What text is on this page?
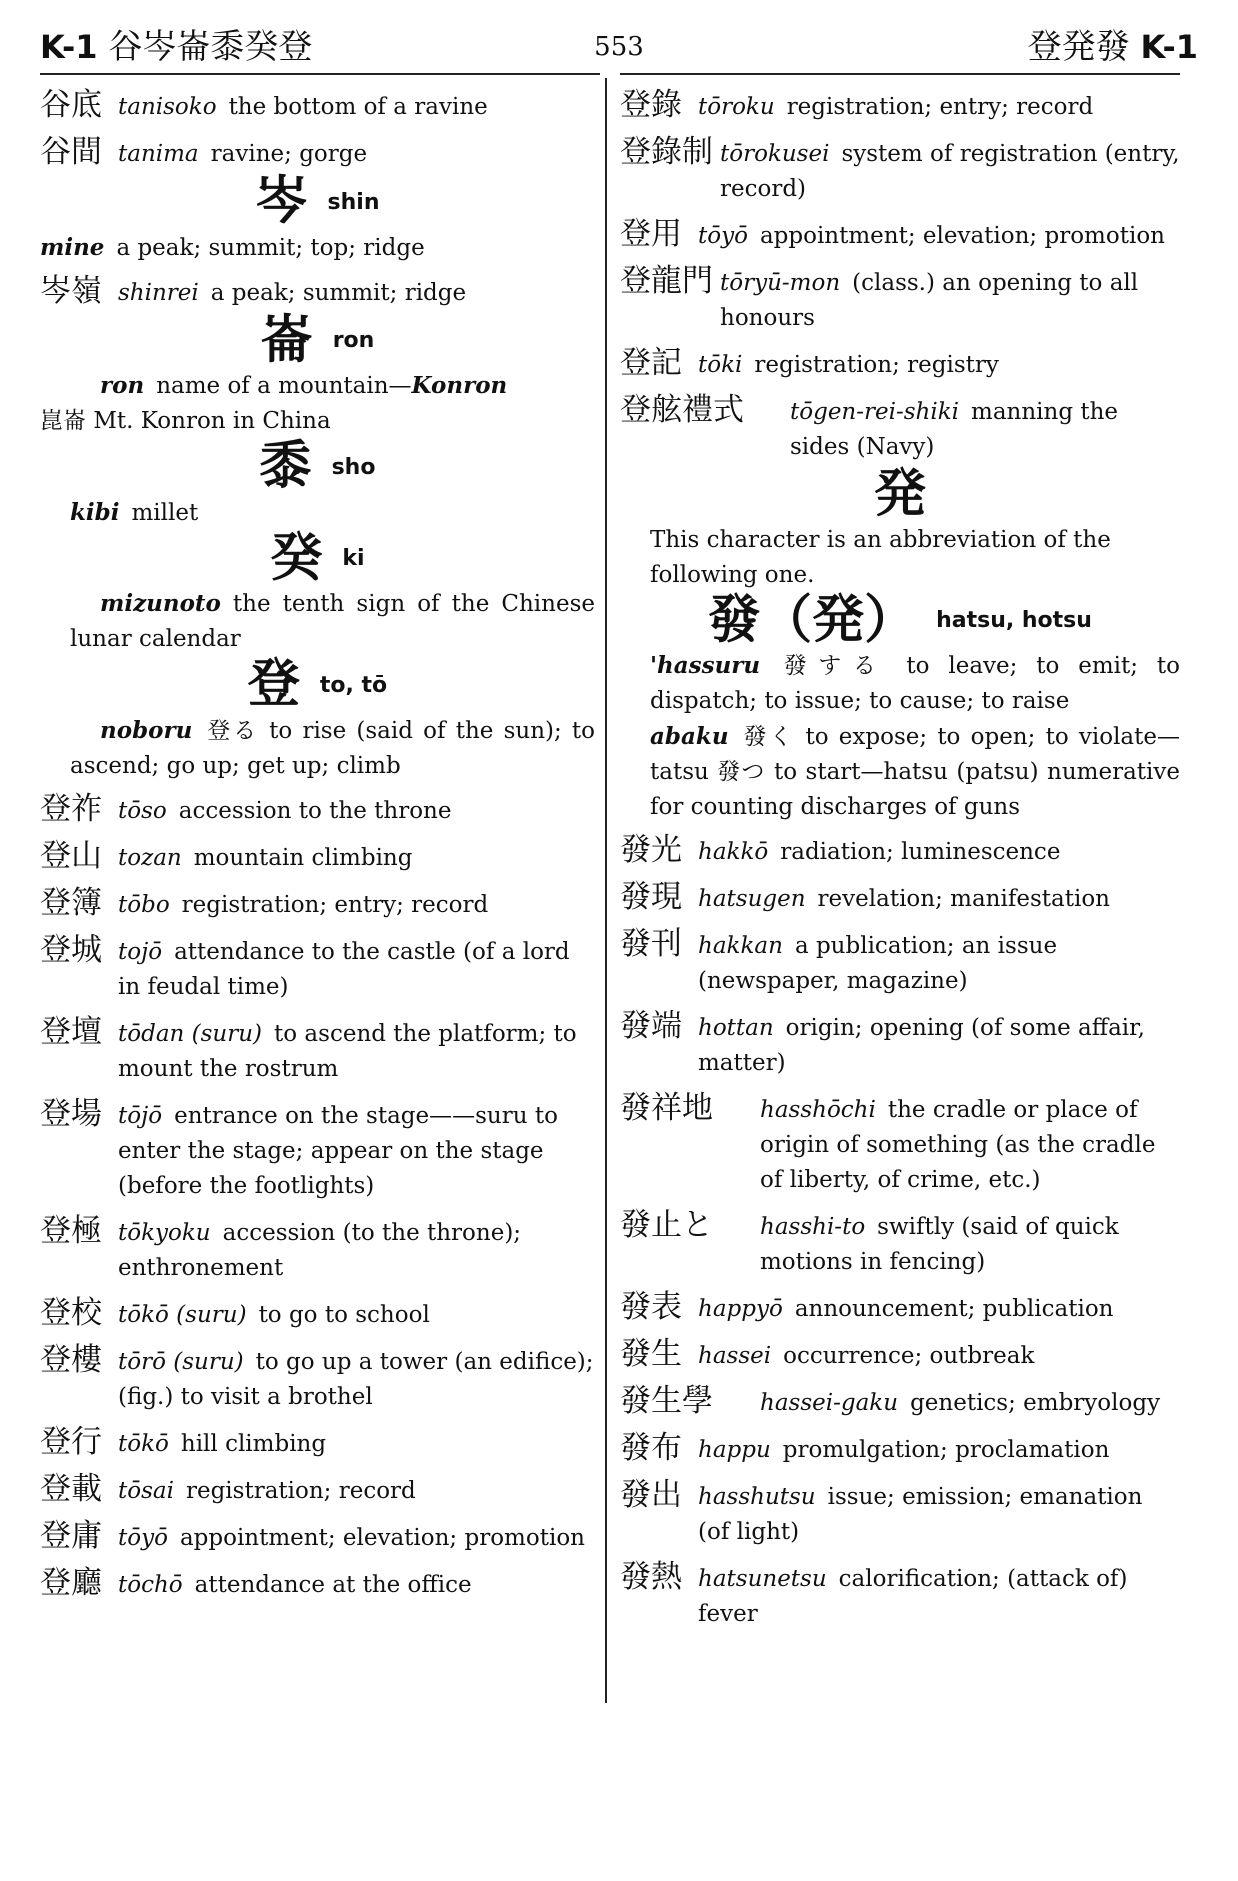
K-1 谷岑崙黍癸登	553	登発發 K-1
谷底 tanisoko the bottom of a ravine
谷間 tanima ravine; gorge
岑shin
mine a peak; summit; top; ridge
岑嶺 shinrei a peak; summit; ridge
崙ron
ron name of a mountain—Konron
崑崙 Mt. Konron in China
黍sho
kibi millet
癸ki
mizunoto the tenth sign of the Chinese lunar calendar
登to, tō
noboru 登る to rise (said of the sun); to ascend; go up; get up; climb
登祚 tōso accession to the throne
登山 tozan mountain climbing
登簿 tōbo registration; entry; record
登城 tojō attendance to the castle (of a lord in feudal time)
登壇 tōdan (suru) to ascend the platform; to mount the rostrum
登場 tōjō entrance on the stage——suru to enter the stage; appear on the stage (before the footlights)
登極 tōkyoku accession (to the throne); enthronement
登校 tōkō (suru) to go to school
登樓 tōrō (suru) to go up a tower (an edifice); (fig.) to visit a brothel
登行 tōkō hill climbing
登載 tōsai registration; record
登庸 tōyō appointment; elevation; promotion
登廳 tōchō attendance at the office
登錄 tōroku registration; entry; record
登錄制 tōrokusei system of registration (entry, record)
登用 tōyō appointment; elevation; promotion
登龍門 tōryū-mon (class.) an opening to all honours
登記 tōki registration; registry
登舷禮式 tōgen-rei-shiki manning the sides (Navy)
発
This character is an abbreviation of the following one.
發（発） hatsu, hotsu
'hassuru 發する to leave; to emit; to dispatch; to issue; to cause; to raise
abaku 發く to expose; to open; to violate—tatsu 發つ to start—hatsu (patsu) numerative for counting discharges of guns
發光 hakkō radiation; luminescence
發現 hatsugen revelation; manifestation
發刊 hakkan a publication; an issue (newspaper, magazine)
發端 hottan origin; opening (of some affair, matter)
發祥地 hasshōchi the cradle or place of origin of something (as the cradle of liberty, of crime, etc.)
發止と hasshi-to swiftly (said of quick motions in fencing)
發表 happyō announcement; publication
發生 hassei occurrence; outbreak
發生學 hassei-gaku genetics; embryology
發布 happu promulgation; proclamation
發出 hasshutsu issue; emission; emanation (of light)
發熱 hatsunetsu calorification; (attack of) fever
